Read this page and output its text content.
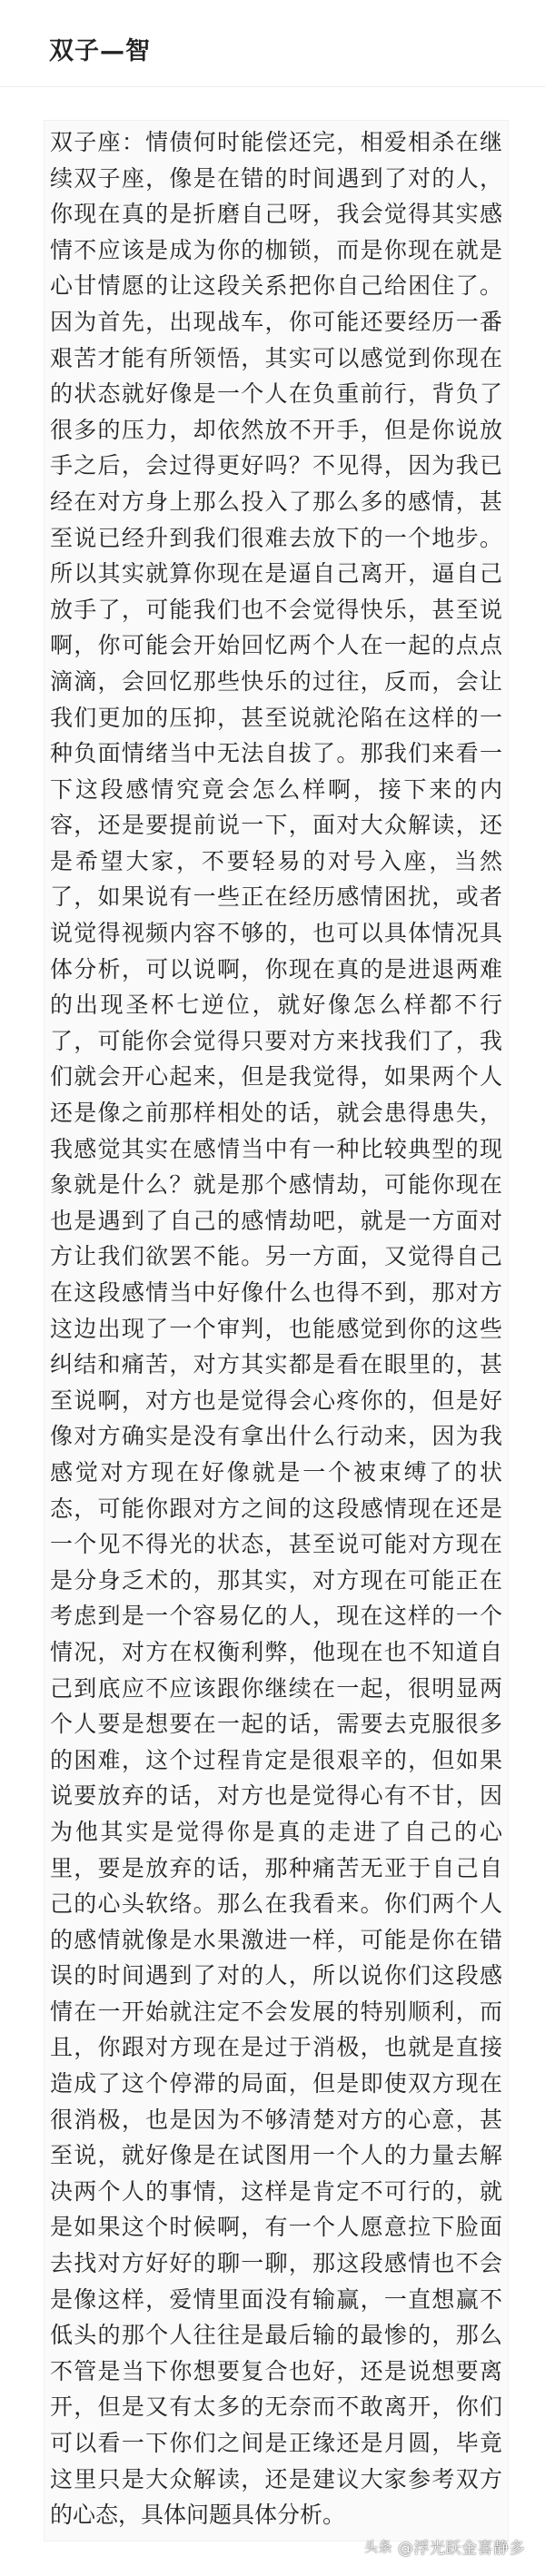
双子—智

双子座：情债何时能偿还完，相爱相杀在继续双子座，像是在错的时间遇到了对的人，你现在真的是折磨自己呀，我会觉得其实感情不应该是成为你的枷锁，而是你现在就是心甘情愿的让这段关系把你自己给困住了。因为首先，出现战车，你可能还要经历一番艰苦才能有所领悟，其实可以感觉到你现在的状态就好像是一个人在负重前行，背负了很多的压力，却依然放不开手，但是你说放手之后，会过得更好吗？不见得，因为我已经在对方身上那么投入了那么多的感情，甚至说已经升到我们很难去放下的一个地步。所以其实就算你现在是逼自己离开，逼自己放手了，可能我们也不会觉得快乐，甚至说啊，你可能会开始回忆两个人在一起的点点滴滴，会回忆那些快乐的过往，反而，会让我们更加的压抑，甚至说就沦陷在这样的一种负面情绪当中无法自拔了。那我们来看一下这段感情究竟会怎么样啊，接下来的内容，还是要提前说一下，面对大众解读，还是希望大家，不要轻易的对号入座，当然了，如果说有一些正在经历感情困扰，或者说觉得视频内容不够的，也可以具体情况具体分析，可以说啊，你现在真的是进退两难的出现圣杯七逆位，就好像怎么样都不行了，可能你会觉得只要对方来找我们了，我们就会开心起来，但是我觉得，如果两个人还是像之前那样相处的话，就会患得患失，我感觉其实在感情当中有一种比较典型的现象就是什么？就是那个感情劫，可能你现在也是遇到了自己的感情劫吧，就是一方面对方让我们欲罢不能。另一方面，又觉得自己在这段感情当中好像什么也得不到，那对方这边出现了一个审判，也能感觉到你的这些纠结和痛苦，对方其实都是看在眼里的，甚至说啊，对方也是觉得会心疼你的，但是好像对方确实是没有拿出什么行动来，因为我感觉对方现在好像就是一个被束缚了的状态，可能你跟对方之间的这段感情现在还是一个见不得光的状态，甚至说可能对方现在是分身乏术的，那其实，对方现在可能正在考虑到是一个容易亿的人，现在这样的一个情况，对方在权衡利弊，他现在也不知道自己到底应不应该跟你继续在一起，很明显两个人要是想要在一起的话，需要去克服很多的困难，这个过程肯定是很艰辛的，但如果说要放弃的话，对方也是觉得心有不甘，因为他其实是觉得你是真的走进了自己的心里，要是放弃的话，那种痛苦无亚于自己自己的心头软络。那么在我看来。你们两个人的感情就像是水果激进一样，可能是你在错误的时间遇到了对的人，所以说你们这段感情在一开始就注定不会发展的特别顺利，而且，你跟对方现在是过于消极，也就是直接造成了这个停滞的局面，但是即使双方现在很消极，也是因为不够清楚对方的心意，甚至说，就好像是在试图用一个人的力量去解决两个人的事情，这样是肯定不可行的，就是如果这个时候啊，有一个人愿意拉下脸面去找对方好好的聊一聊，那这段感情也不会是像这样，爱情里面没有输赢，一直想赢不低头的那个人往往是最后输的最惨的，那么不管是当下你想要复合也好，还是说想要离开，但是又有太多的无奈而不敢离开，你们可以看一下你们之间是正缘还是月圆，毕竟这里只是大众解读，还是建议大家参考双方的心态，具体问题具体分析。

头条 @浮光跃金喜静多
